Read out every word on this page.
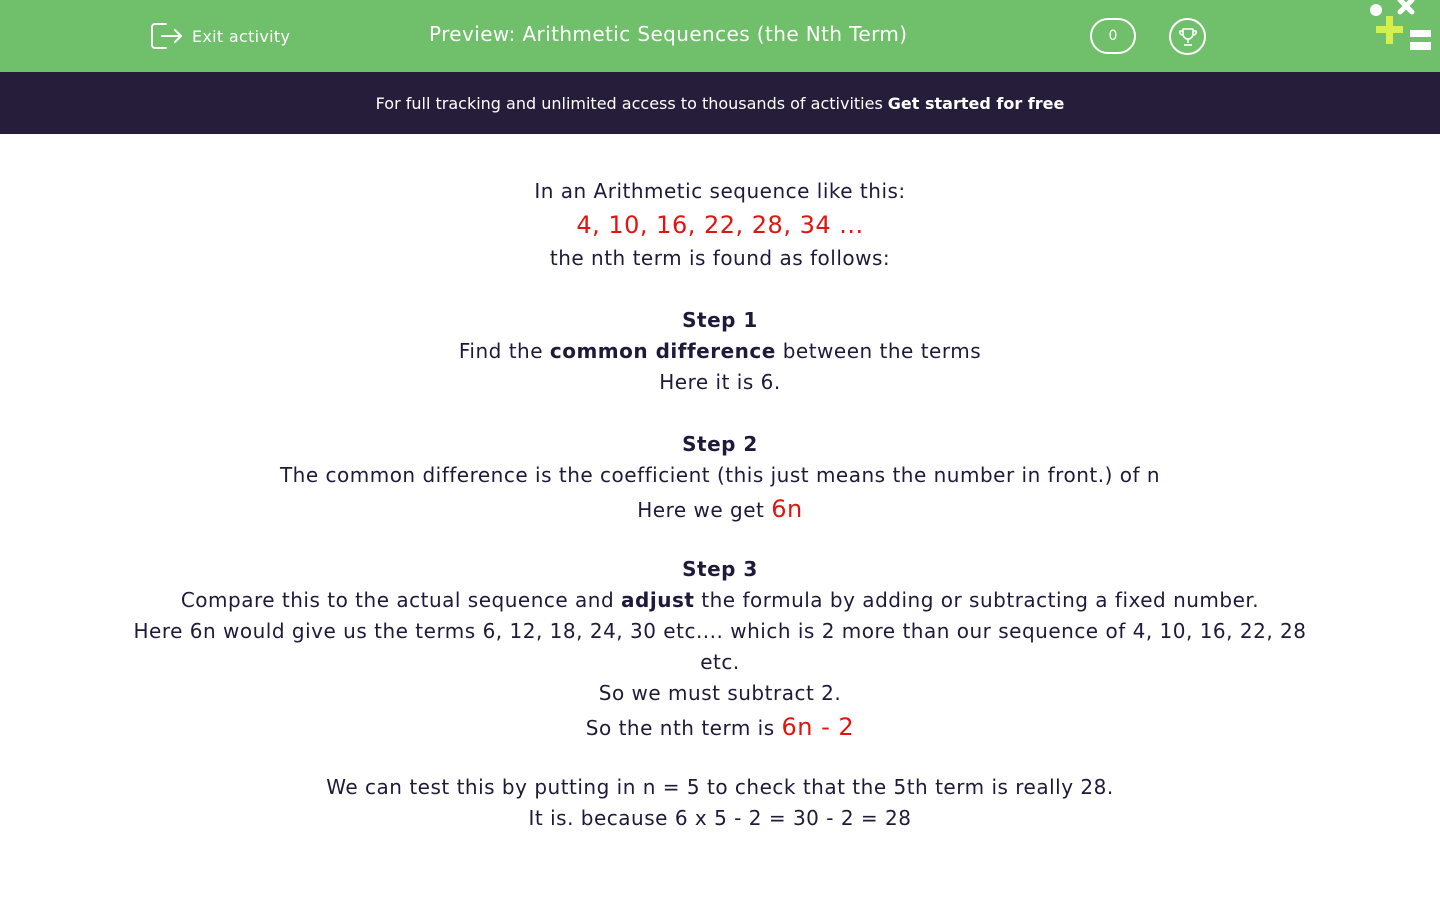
Exit activity	Preview: Arithmetic Sequences (the Nth Term)	0
For full tracking and unlimited access to thousands of activities Get started for free

In an Arithmetic sequence like this:

4, 10, 16, 22, 28, 34 ...

the nth term is found as follows:

Step 1

Find the common difference between the terms

Here it is 6.

Step 2

The common difference is the coefficient (this just means the number in front.) of n

Here we get 6n

Step 3

Compare this to the actual sequence and adjust the formula by adding or subtracting a fixed number.

Here 6n would give us the terms 6, 12, 18, 24, 30 etc.... which is 2 more than our sequence of 4, 10, 16, 22, 28 etc.

So we must subtract 2.

So the nth term is 6n - 2

We can test this by putting in n = 5 to check that the 5th term is really 28.

It is. because 6 x 5 - 2 = 30 - 2 = 28
